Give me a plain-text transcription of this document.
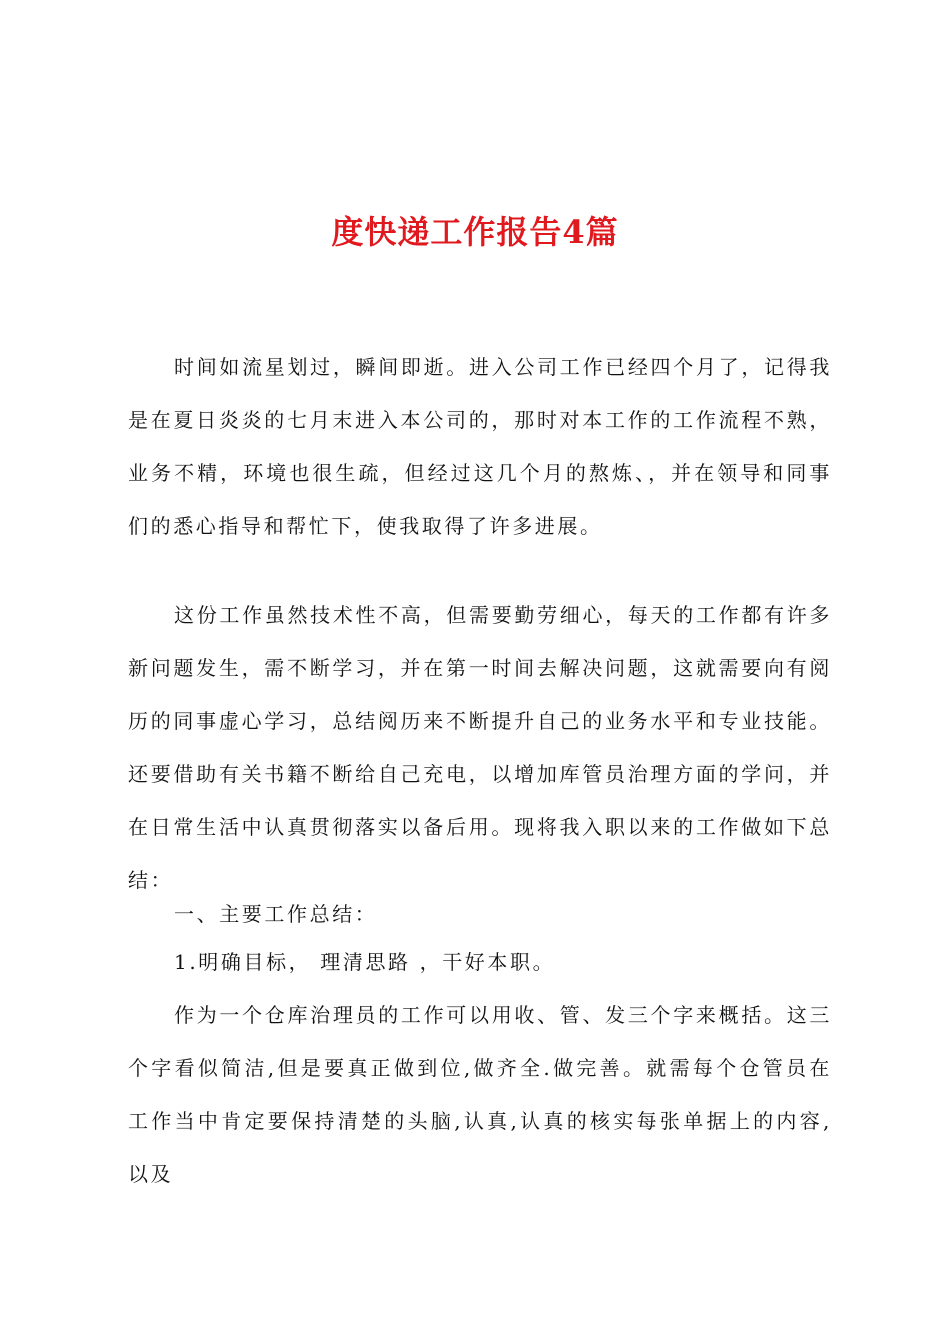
度快递工作报告4篇

时间如流星划过，瞬间即逝。进入公司工作已经四个月了，记得我是在夏日炎炎的七月末进入本公司的，那时对本工作的工作流程不熟，业务不精，环境也很生疏，但经过这几个月的熬炼、，并在领导和同事们的悉心指导和帮忙下，使我取得了许多进展。

这份工作虽然技术性不高，但需要勤劳细心，每天的工作都有许多新问题发生，需不断学习，并在第一时间去解决问题，这就需要向有阅历的同事虚心学习，总结阅历来不断提升自己的业务水平和专业技能。还要借助有关书籍不断给自己充电，以增加库管员治理方面的学问，并在日常生活中认真贯彻落实以备后用。现将我入职以来的工作做如下总结：

一、主要工作总结：

1.明确目标， 理清思路 ，干好本职。

作为一个仓库治理员的工作可以用收、管、发三个字来概括。这三个字看似简洁,但是要真正做到位,做齐全.做完善。就需每个仓管员在工作当中肯定要保持清楚的头脑,认真,认真的核实每张单据上的内容,以及
